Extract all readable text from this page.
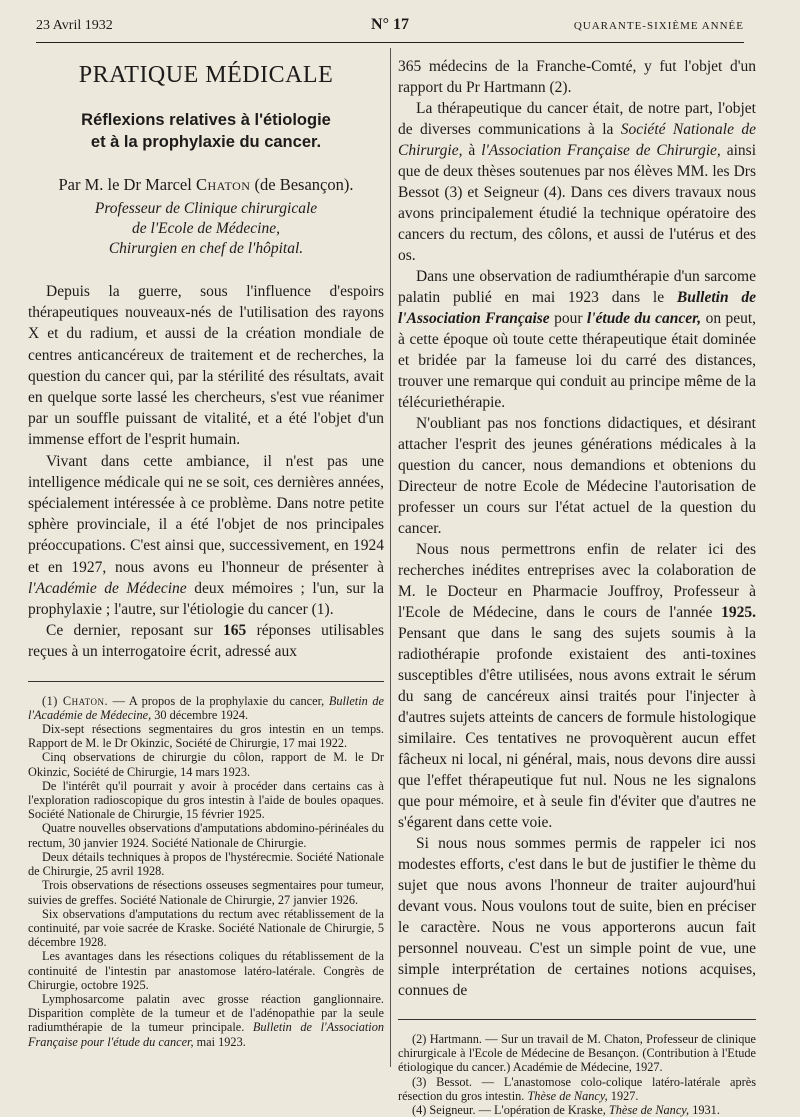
23 Avril 1932	N° 17	QUARANTE-SIXIÈME ANNÉE
PRATIQUE MÉDICALE
Réflexions relatives à l'étiologie
et à la prophylaxie du cancer.
Par M. le Dr Marcel Chaton (de Besançon).
Professeur de Clinique chirurgicale
de l'Ecole de Médecine,
Chirurgien en chef de l'hôpital.

Depuis la guerre, sous l'influence d'espoirs thérapeutiques nouveaux-nés de l'utilisation des rayons X et du radium, et aussi de la création mondiale de centres anticancéreux de traitement et de recherches, la question du cancer qui, par la stérilité des résultats, avait en quelque sorte lassé les chercheurs, s'est vue réanimer par un souffle puissant de vitalité, et a été l'objet d'un immense effort de l'esprit humain.

Vivant dans cette ambiance, il n'est pas une intelligence médicale qui ne se soit, ces dernières années, spécialement intéressée à ce problème. Dans notre petite sphère provinciale, il a été l'objet de nos principales préoccupations. C'est ainsi que, successivement, en 1924 et en 1927, nous avons eu l'honneur de présenter à l'Académie de Médecine deux mémoires ; l'un, sur la prophylaxie ; l'autre, sur l'étiologie du cancer (1).

Ce dernier, reposant sur 165 réponses utilisables reçues à un interrogatoire écrit, adressé aux

(1) Chaton. — A propos de la prophylaxie du cancer, Bulletin de l'Académie de Médecine, 30 décembre 1924.

Dix-sept résections segmentaires du gros intestin en un temps. Rapport de M. le Dr Okinzic, Société de Chirurgie, 17 mai 1922.

Cinq observations de chirurgie du côlon, rapport de M. le Dr Okinzic, Société de Chirurgie, 14 mars 1923.

De l'intérêt qu'il pourrait y avoir à procéder dans certains cas à l'exploration radioscopique du gros intestin à l'aide de boules opaques. Société Nationale de Chirurgie, 15 février 1925.

Quatre nouvelles observations d'amputations abdomino-périnéales du rectum, 30 janvier 1924. Société Nationale de Chirurgie.

Deux détails techniques à propos de l'hystérecmie. Société Nationale de Chirurgie, 25 avril 1928.

Trois observations de résections osseuses segmentaires pour tumeur, suivies de greffes. Société Nationale de Chirurgie, 27 janvier 1926.

Six observations d'amputations du rectum avec rétablissement de la continuité, par voie sacrée de Kraske. Société Nationale de Chirurgie, 5 décembre 1928.

Les avantages dans les résections coliques du rétablissement de la continuité de l'intestin par anastomose latéro-latérale. Congrès de Chirurgie, octobre 1925.

Lymphosarcome palatin avec grosse réaction ganglionnaire. Disparition complète de la tumeur et de l'adénopathie par la seule radiumthérapie de la tumeur principale. Bulletin de l'Association Française pour l'étude du cancer, mai 1923.

365 médecins de la Franche-Comté, y fut l'objet d'un rapport du Pr Hartmann (2).

La thérapeutique du cancer était, de notre part, l'objet de diverses communications à la Société Nationale de Chirurgie, à l'Association Française de Chirurgie, ainsi que de deux thèses soutenues par nos élèves MM. les Drs Bessot (3) et Seigneur (4). Dans ces divers travaux nous avons principalement étudié la technique opératoire des cancers du rectum, des côlons, et aussi de l'utérus et des os.

Dans une observation de radiumthérapie d'un sarcome palatin publié en mai 1923 dans le Bulletin de l'Association Française pour l'étude du cancer, on peut, à cette époque où toute cette thérapeutique était dominée et bridée par la fameuse loi du carré des distances, trouver une remarque qui conduit au principe même de la télécuriethérapie.

N'oubliant pas nos fonctions didactiques, et désirant attacher l'esprit des jeunes générations médicales à la question du cancer, nous demandions et obtenions du Directeur de notre Ecole de Médecine l'autorisation de professer un cours sur l'état actuel de la question du cancer.

Nous nous permettrons enfin de relater ici des recherches inédites entreprises avec la colaboration de M. le Docteur en Pharmacie Jouffroy, Professeur à l'Ecole de Médecine, dans le cours de l'année 1925. Pensant que dans le sang des sujets soumis à la radiothérapie profonde existaient des anti-toxines susceptibles d'être utilisées, nous avons extrait le sérum du sang de cancéreux ainsi traités pour l'injecter à d'autres sujets atteints de cancers de formule histologique similaire. Ces tentatives ne provoquèrent aucun effet fâcheux ni local, ni général, mais, nous devons dire aussi que l'effet thérapeutique fut nul. Nous ne les signalons que pour mémoire, et à seule fin d'éviter que d'autres ne s'égarent dans cette voie.

Si nous nous sommes permis de rappeler ici nos modestes efforts, c'est dans le but de justifier le thème du sujet que nous avons l'honneur de traiter aujourd'hui devant vous. Nous voulons tout de suite, bien en préciser le caractère. Nous ne vous apporterons aucun fait personnel nouveau. C'est un simple point de vue, une simple interprétation de certaines notions acquises, connues de

(2) Hartmann. — Sur un travail de M. Chaton, Professeur de clinique chirurgicale à l'Ecole de Médecine de Besançon. (Contribution à l'Etude étiologique du cancer.) Académie de Médecine, 1927.

(3) Bessot. — L'anastomose colo-colique latéro-latérale après résection du gros intestin. Thèse de Nancy, 1927.

(4) Seigneur. — L'opération de Kraske, Thèse de Nancy, 1931.
